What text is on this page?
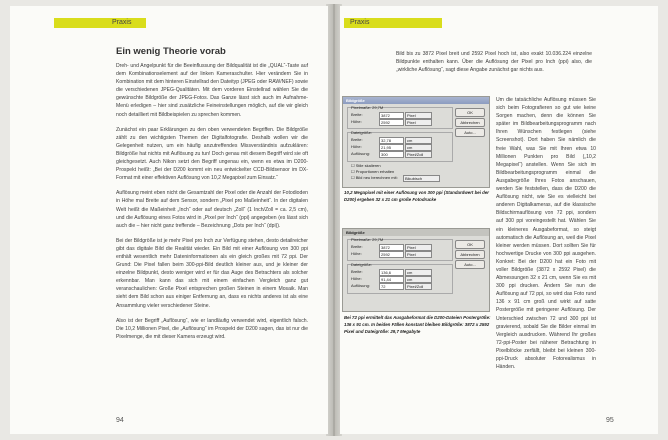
Praxis
Ein wenig Theorie vorab

Dreh- und Angelpunkt für die Beeinflussung der Bildqualität ist die „QUAL“-Taste auf dem Kombinationselement auf der linken Kameraschulter. Hier verändern Sie in Kombination mit dem hinteren Einstellrad den Dateityp (JPEG oder RAW/NEF) sowie die verschiedenen JPEG-Qualitäten. Mit dem vorderen Einstellrad wählen Sie die gewünschte Bildgröße der JPEG-Fotos. Das Ganze lässt sich auch im Aufnahme-Menü erledigen – hier sind zusätzliche Feineinstellungen möglich, auf die wir gleich noch detailliert mit Bildbeispielen zu sprechen kommen.

Zunächst ein paar Erklärungen zu den oben verwendeten Begriffen. Die Bildgröße zählt zu den wichtigsten Themen der Digitalfotografie. Deshalb wollen wir die Gelegenheit nutzen, um ein häufig anzutreffendes Missverständnis aufzuklären: Bildgröße hat nichts mit Auflösung zu tun! Doch genau mit diesem Begriff wird sie oft gleichgesetzt. Auch Nikon setzt den Begriff ungenau ein, wenn es etwa im D200-Prospekt heißt: „Bei der D200 kommt ein neu entwickelter CCD-Bildsensor im DX-Format mit einer effektiven Auflösung von 10,2 Megapixel zum Einsatz.“

Auflösung meint eben nicht die Gesamtzahl der Pixel oder die Anzahl der Fotodioden in Höhe mal Breite auf dem Sensor, sondern „Pixel pro Maßeinheit“. In der digitalen Welt heißt die Maßeinheit „Inch“ oder auf deutsch „Zoll“ (1 Inch/Zoll = ca. 2,5 cm), und die Auflösung eines Fotos wird in „Pixel per Inch“ (ppi) angegeben (es lässt sich auch die – hier nicht ganz treffende – Bezeichnung „Dots per Inch“ (dpi)).

Bei der Bildgröße ist je mehr Pixel pro Inch zur Verfügung stehen, desto detailreicher gibt das digitale Bild die Realität wieder. Ein Bild mit einer Auflösung von 300 ppi enthält wesentlich mehr Dateninformationen als ein gleich großes mit 72 ppi. Der Grund: Die Pixel fallen beim 300-ppi-Bild deutlich kleiner aus, und je kleiner der einzelne Bildpunkt, desto weniger wird er für das Auge des Betrachters als solcher erkennbar. Man kann das sich mit einem einfachen Vergleich ganz gut veranschaulichen: Große Pixel entsprechen großen Steinen in einem Mosaik. Man sieht dem Bild schon aus einiger Entfernung an, dass es nichts anderes ist als eine Ansammlung vieler verschiedener Steine.

Also ist der Begriff „Auflösung“, wie er landläufig verwendet wird, eigentlich falsch. Die 10,2 Millionen Pixel, die „Auflösung“ im Prospekt der D200 sagen, das ist nur die Pixelmenge, die mit dieser Kamera erzeugt wird.

94
Praxis
Bild bis zu 3872 Pixel breit und 2592 Pixel hoch ist, also exakt 10.036.224 einzelne Bildpunkte enthalten kann. Über die Auflösung der Pixel pro Inch (ppi) also, die „wirkliche Auflösung“, sagt diese Angabe zunächst gar nichts aus.
Bildgröße
Pixelmaße: 29,7M
Breite:	3872	Pixel
Höhe:	2592	Pixel
Dateigröße:
Breite:	32,78	cm
Höhe:	21,95	cm
Auflösung:	300	Pixel/Zoll
☐ Stile skalieren
☐ Proportionen erhalten
☐ Bild neu berechnen mit:	Bikubisch
OK
Abbrechen
Auto...
10,2 Megapixel mit einer Auflösung von 300 ppi (Standardwert bei der D200) ergeben 32 x 21 cm große Fotodrucke
Bildgröße
Pixelmaße: 29,7M
Breite:	3872	Pixel
Höhe:	2592	Pixel
Dateigröße:
Breite:	136,6	cm
Höhe:	91,44	cm
Auflösung:	72	Pixel/Zoll
OK
Abbrechen
Auto...
Bei 72 ppi ermittelt das Ausgabeformat die D200-Dateien Postergröße: 136 x 91 cm. In beiden Fällen konstant bleiben Bildgröße: 3872 x 2592 Pixel und Dateigröße: 29,7 Megabyte
Um die tatsächliche Auflösung müssen Sie sich beim Fotografieren so gut wie keine Sorgen machen, denn die können Sie später im Bildbearbeitungsprogramm nach Ihren Wünschen festlegen (siehe Screenshot). Dort haben Sie nämlich die freie Wahl, was Sie mit Ihren etwa 10 Millionen Punkten pro Bild („10,2 Megapixel“) anstellen. Wenn Sie sich im Bildbearbeitungsprogramm einmal die Ausgabegröße Ihres Fotos anschauen, werden Sie feststellen, dass die D200 die Auflösung nicht, wie Sie es vielleicht bei anderen Digitalkameras, auf die klassische Bildschirmauflösung von 72 ppi, sondern auf 300 ppi voreingestellt hat. Wählen Sie ein kleineres Ausgabeformat, so steigt automatisch die Auflösung an, weil die Pixel kleiner werden müssen. Dort sollten Sie für hochwertige Drucke von 300 ppi ausgehen. Konkret: Bei der D200 hat ein Foto mit voller Bildgröße (3872 x 2592 Pixel) die Abmessungen 32 x 21 cm, wenn Sie es mit 300 ppi drucken. Ändern Sie nun die Auflösung auf 72 ppi, so wird das Foto rund 136 x 91 cm groß und wirkt auf satte Postergröße mit geringerer Auflösung. Der Unterschied zwischen 72 und 300 ppi ist gravierend, sobald Sie die Bilder einmal im Vergleich ausdrucken. Während Ihr großes 72-ppi-Poster bei näherer Betrachtung in Pixelblöcke zerfällt, bleibt bei kleinen 300-ppi-Druck absoluter Fotorealismus in Händen.
95
